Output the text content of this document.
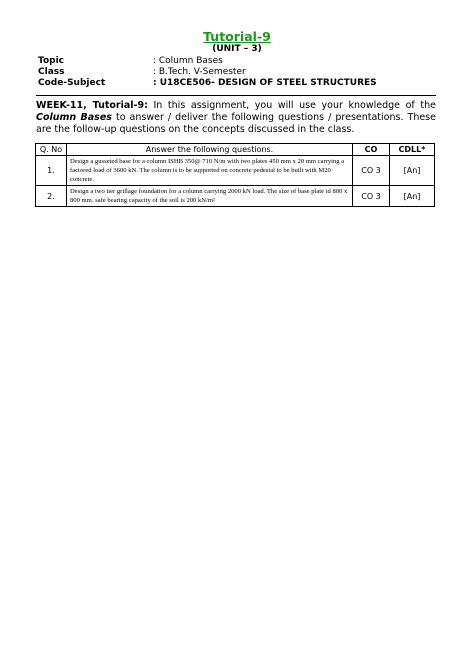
Tutorial-9
(UNIT – 3)
Topic	: Column Bases
Class	: B.Tech. V-Semester
Code-Subject	: U18CE506- DESIGN OF STEEL STRUCTURES
WEEK-11, Tutorial-9: In this assignment, you will use your knowledge of the Column Bases to answer / deliver the following questions / presentations. These are the follow-up questions on the concepts discussed in the class.
Q. No	Answer the following questions.	CO	CDLL*
1.	Design a gusseted base for a column ISHB 350@ 710 N/m with two plates 450 mm x 20 mm carrying a factored load of 3600 kN. The column is to be supported on concrete pedestal to be built with M20 concrete.	CO 3	[An]
2.	Design a two tier grillage foundation for a column carrying 2000 kN load. The size of base plate id 800 x 800 mm. safe bearing capacity of the soil is 200 kN/m²	CO 3	[An]
